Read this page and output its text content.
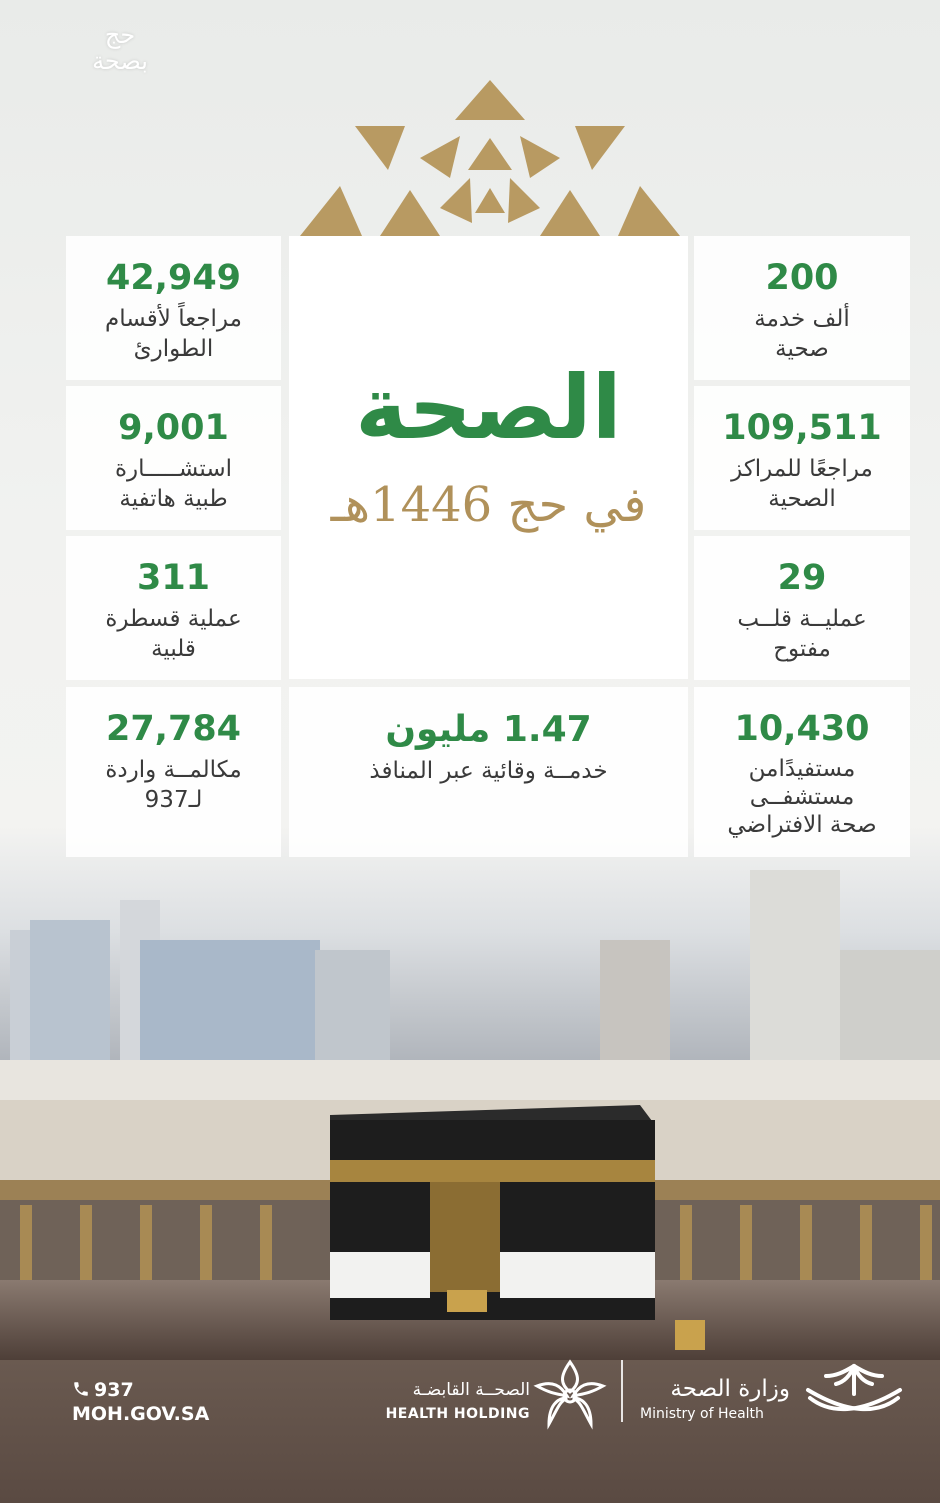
حج
بصحة
42,949
مراجعاً لأقسام
الطوارئ
9,001
استشـــــارة
طبية هاتفية
311
عملية قسطرة
قلبية
27,784
مكالمــة واردة
لـ937
الصحة
في حج 1446هـ
1.47 مليون
خدمــة وقائية عبر المنافذ
200
ألف خدمة
صحية
109,511
مراجعًا للمراكز
الصحية
29
عمليــة قلــب
مفتوح
10,430
مستفيدًامن
مستشفــى
صحة الافتراضي
937
MOH.GOV.SA
الصحــة القابضـة
HEALTH HOLDING
وزارة الصحة
Ministry of Health
